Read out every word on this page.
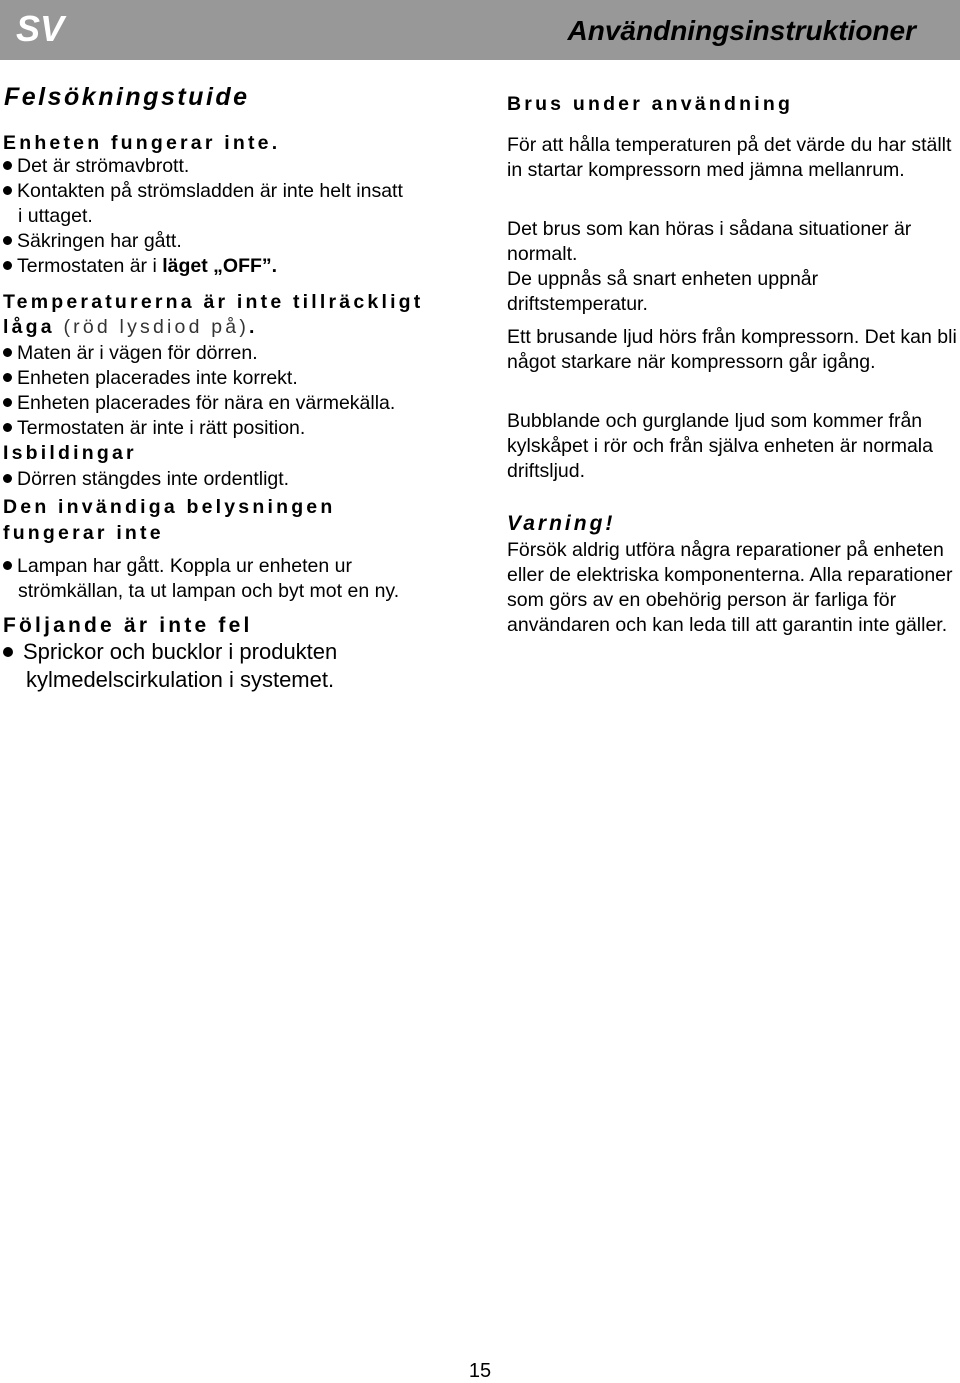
SV	Användningsinstruktioner
Felsökningstuide
Enheten fungerar inte.
Det är strömavbrott.
Kontakten på strömsladden är inte helt insatt
i uttaget.
Säkringen har gått.
Termostaten är i läget „OFF”.
Temperaturerna är inte tillräckligt
låga (röd lysdiod på).
Maten är i vägen för dörren.
Enheten placerades inte korrekt.
Enheten placerades för nära en värmekälla.
Termostaten är inte i rätt position.
Isbildingar
Dörren stängdes inte ordentligt.
Den invändiga belysningen
fungerar inte
Lampan har gått. Koppla ur enheten ur
strömkällan, ta ut lampan och byt mot en ny.
Följande är inte fel
Sprickor och bucklor i produkten
kylmedelscirkulation i systemet.
Brus under användning
För att hålla temperaturen på det värde du har ställt in startar kompressorn med jämna mellanrum.
Det brus som kan höras i sådana situationer är normalt.
De uppnås så snart enheten uppnår driftstemperatur.
Ett brusande ljud hörs från kompressorn. Det kan bli något starkare när kompressorn går igång.
Bubblande och gurglande ljud som kommer från kylskåpet i rör och från själva enheten är normala driftsljud.
Varning!
Försök aldrig utföra några reparationer på enheten eller de elektriska komponenterna. Alla reparationer som görs av en obehörig person är farliga för användaren och kan leda till att garantin inte gäller.
15
